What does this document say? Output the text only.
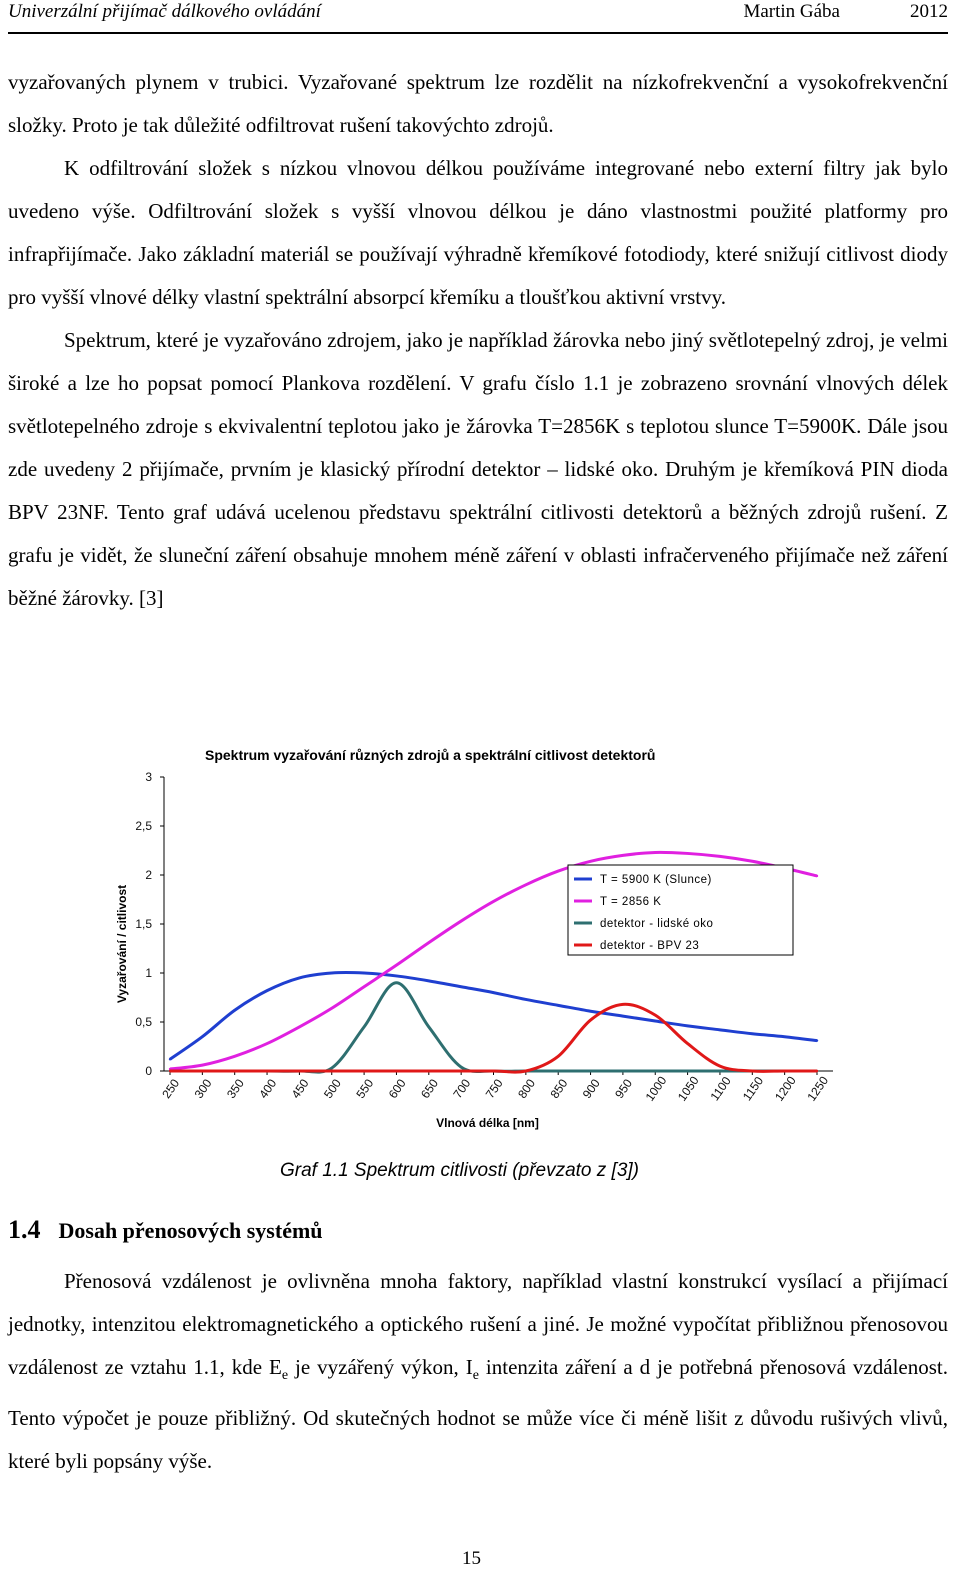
Univerzální přijímač dálkového ovládání	Martin Gába	2012

vyzařovaných plynem v trubici. Vyzařované spektrum lze rozdělit na nízkofrekvenční a vysokofrekvenční složky. Proto je tak důležité odfiltrovat rušení takovýchto zdrojů.

K odfiltrování složek s nízkou vlnovou délkou používáme integrované nebo externí filtry jak bylo uvedeno výše. Odfiltrování složek s vyšší vlnovou délkou je dáno vlastnostmi použité platformy pro infrapřijímače. Jako základní materiál se používají výhradně křemíkové fotodiody, které snižují citlivost diody pro vyšší vlnové délky vlastní spektrální absorpcí křemíku a tloušťkou aktivní vrstvy.

Spektrum, které je vyzařováno zdrojem, jako je například žárovka nebo jiný světlotepelný zdroj, je velmi široké a lze ho popsat pomocí Plankova rozdělení. V grafu číslo 1.1 je zobrazeno srovnání vlnových délek světlotepelného zdroje s ekvivalentní teplotou jako je žárovka T=2856K s teplotou slunce T=5900K. Dále jsou zde uvedeny 2 přijímače, prvním je klasický přírodní detektor – lidské oko. Druhým je křemíková PIN dioda BPV 23NF. Tento graf udává ucelenou představu spektrální citlivosti detektorů a běžných zdrojů rušení. Z grafu je vidět, že sluneční záření obsahuje mnohem méně záření v oblasti infračerveného přijímače než záření běžné žárovky. [3]

Spektrum vyzařování různých zdrojů a spektrální citlivost detektorů
0
0,5
1
1,5
2
2,5
3
250 300 350 400 450 500 550 600 650 700 750 800 850 900 950 1000 1050 1100 1150 1200 1250
Vlnová délka [nm]
Vyzařování / citlivost
T = 5900 K (Slunce)
T = 2856 K
detektor - lidské oko
detektor - BPV 23
Graf 1.1 Spektrum citlivosti (převzato z [3])
1.4 Dosah přenosových systémů

Přenosová vzdálenost je ovlivněna mnoha faktory, například vlastní konstrukcí vysílací a přijímací jednotky, intenzitou elektromagnetického a optického rušení a jiné. Je možné vypočítat přibližnou přenosovou vzdálenost ze vztahu 1.1, kde $E_e$ je vyzářený výkon, $I_e$ intenzita záření a d je potřebná přenosová vzdálenost. Tento výpočet je pouze přibližný. Od skutečných hodnot se může více či méně lišit z důvodu rušivých vlivů, které byli popsány výše.

15
